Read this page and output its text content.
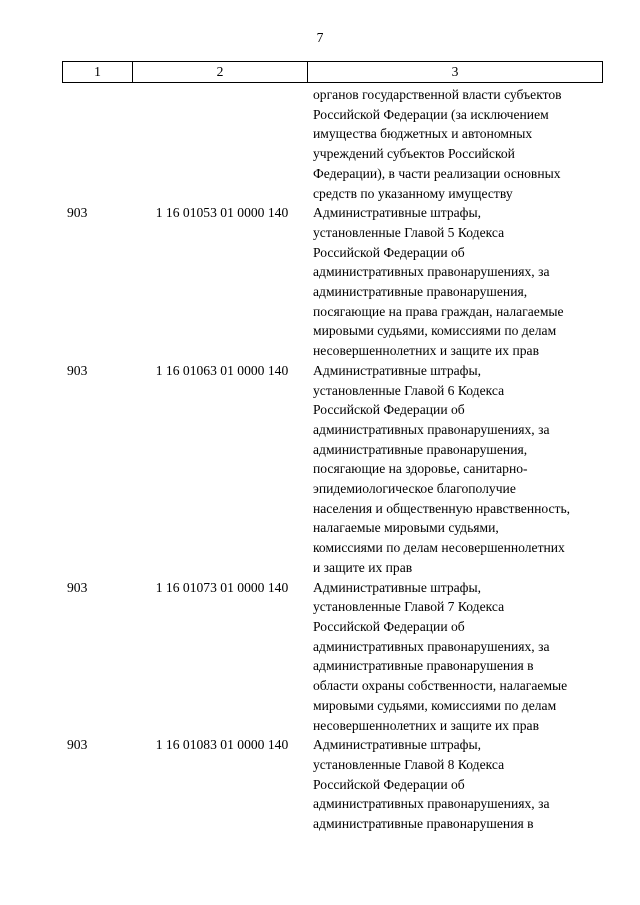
7
1	2	3
органов государственной власти субъектов
Российской Федерации (за исключением
имущества бюджетных и автономных
учреждений субъектов Российской
Федерации), в части реализации основных
средств по указанному имуществу
903	1 16 01053 01 0000 140	Административные штрафы,
установленные Главой 5 Кодекса
Российской Федерации об
административных правонарушениях, за
административные правонарушения,
посягающие на права граждан, налагаемые
мировыми судьями, комиссиями по делам
несовершеннолетних и защите их прав
903	1 16 01063 01 0000 140	Административные штрафы,
установленные Главой 6 Кодекса
Российской Федерации об
административных правонарушениях, за
административные правонарушения,
посягающие на здоровье, санитарно-
эпидемиологическое благополучие
населения и общественную нравственность,
налагаемые мировыми судьями,
комиссиями по делам несовершеннолетних
и защите их прав
903	1 16 01073 01 0000 140	Административные штрафы,
установленные Главой 7 Кодекса
Российской Федерации об
административных правонарушениях, за
административные правонарушения в
области охраны собственности, налагаемые
мировыми судьями, комиссиями по делам
несовершеннолетних и защите их прав
903	1 16 01083 01 0000 140	Административные штрафы,
установленные Главой 8 Кодекса
Российской Федерации об
административных правонарушениях, за
административные правонарушения в
